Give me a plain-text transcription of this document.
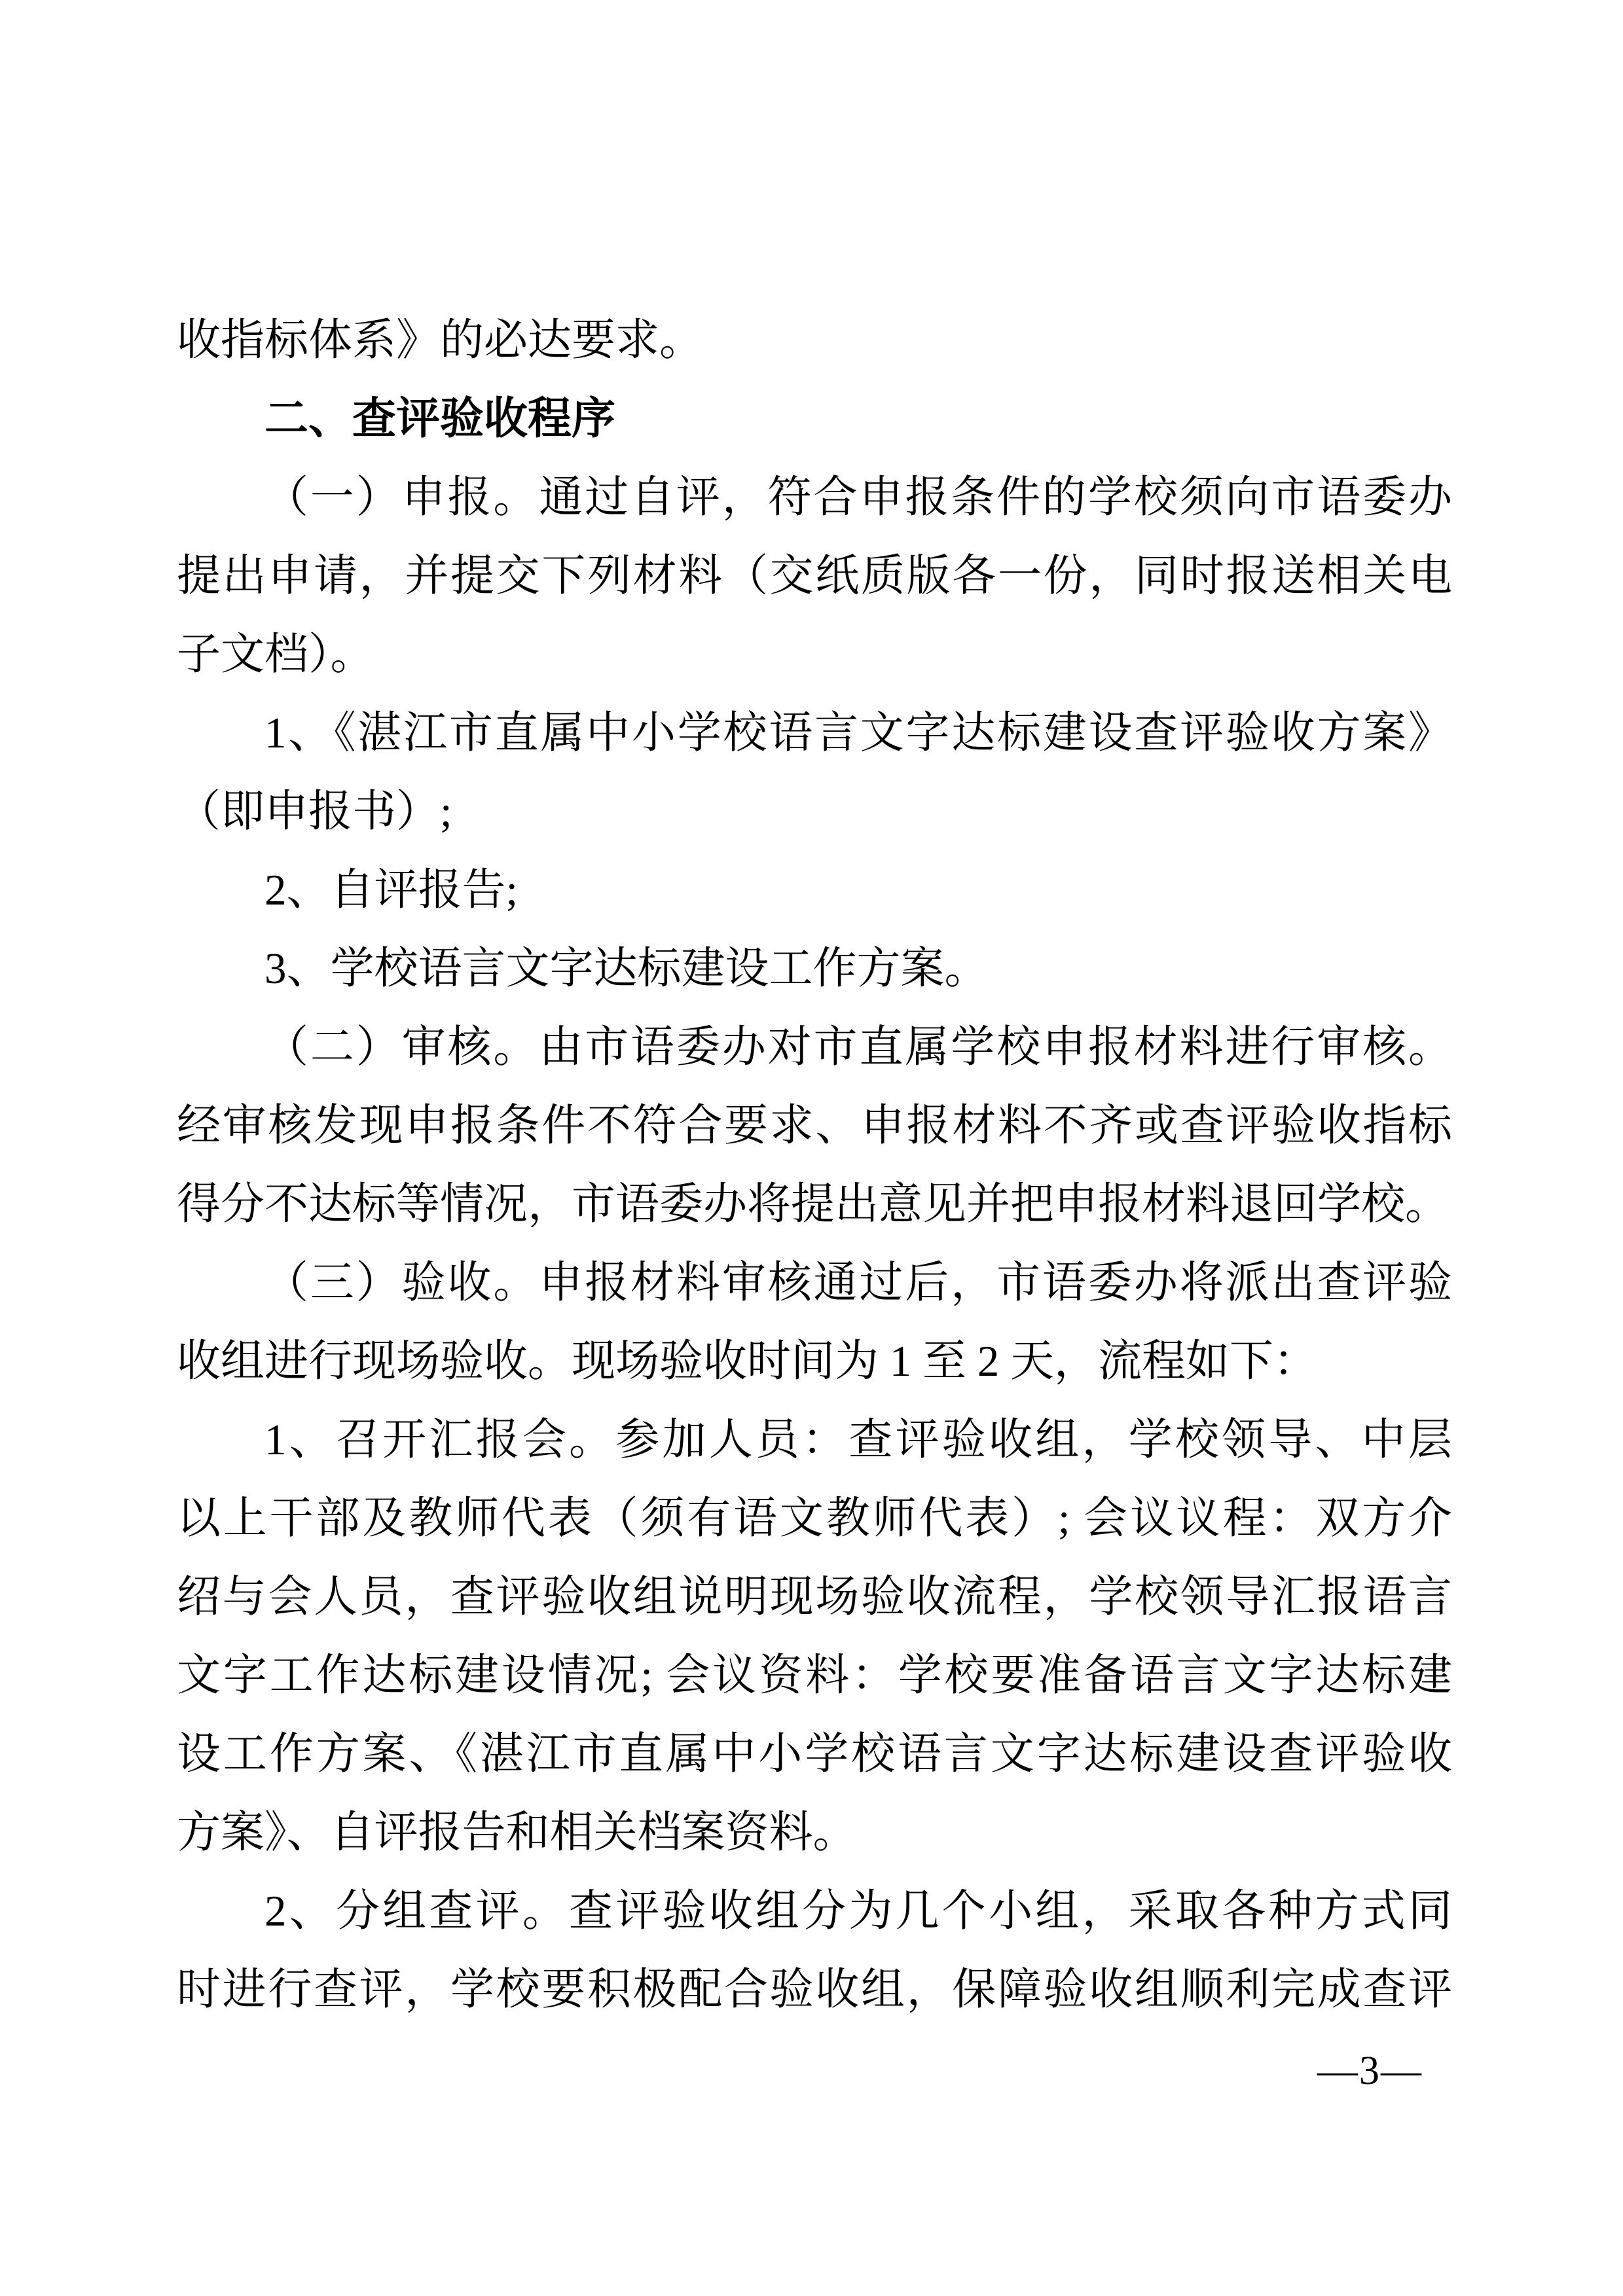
收指标体系》的必达要求。
二、查评验收程序
（一）申报。通过自评，符合申报条件的学校须向市语委办
提出申请，并提交下列材料（交纸质版各一份，同时报送相关电
子文档）。
1、《湛江市直属中小学校语言文字达标建设查评验收方案》
（即申报书）;
2、自评报告;
3、学校语言文字达标建设工作方案。
（二）审核。由市语委办对市直属学校申报材料进行审核。
经审核发现申报条件不符合要求、申报材料不齐或查评验收指标
得分不达标等情况，市语委办将提出意见并把申报材料退回学校。
（三）验收。申报材料审核通过后，市语委办将派出查评验
收组进行现场验收。现场验收时间为 1 至 2 天，流程如下：
1、召开汇报会。参加人员：查评验收组，学校领导、中层
以上干部及教师代表（须有语文教师代表）; 会议议程：双方介
绍与会人员，查评验收组说明现场验收流程，学校领导汇报语言
文字工作达标建设情况; 会议资料：学校要准备语言文字达标建
设工作方案、《湛江市直属中小学校语言文字达标建设查评验收
方案》、自评报告和相关档案资料。
2、分组查评。查评验收组分为几个小组，采取各种方式同
时进行查评，学校要积极配合验收组，保障验收组顺利完成查评
—3—
